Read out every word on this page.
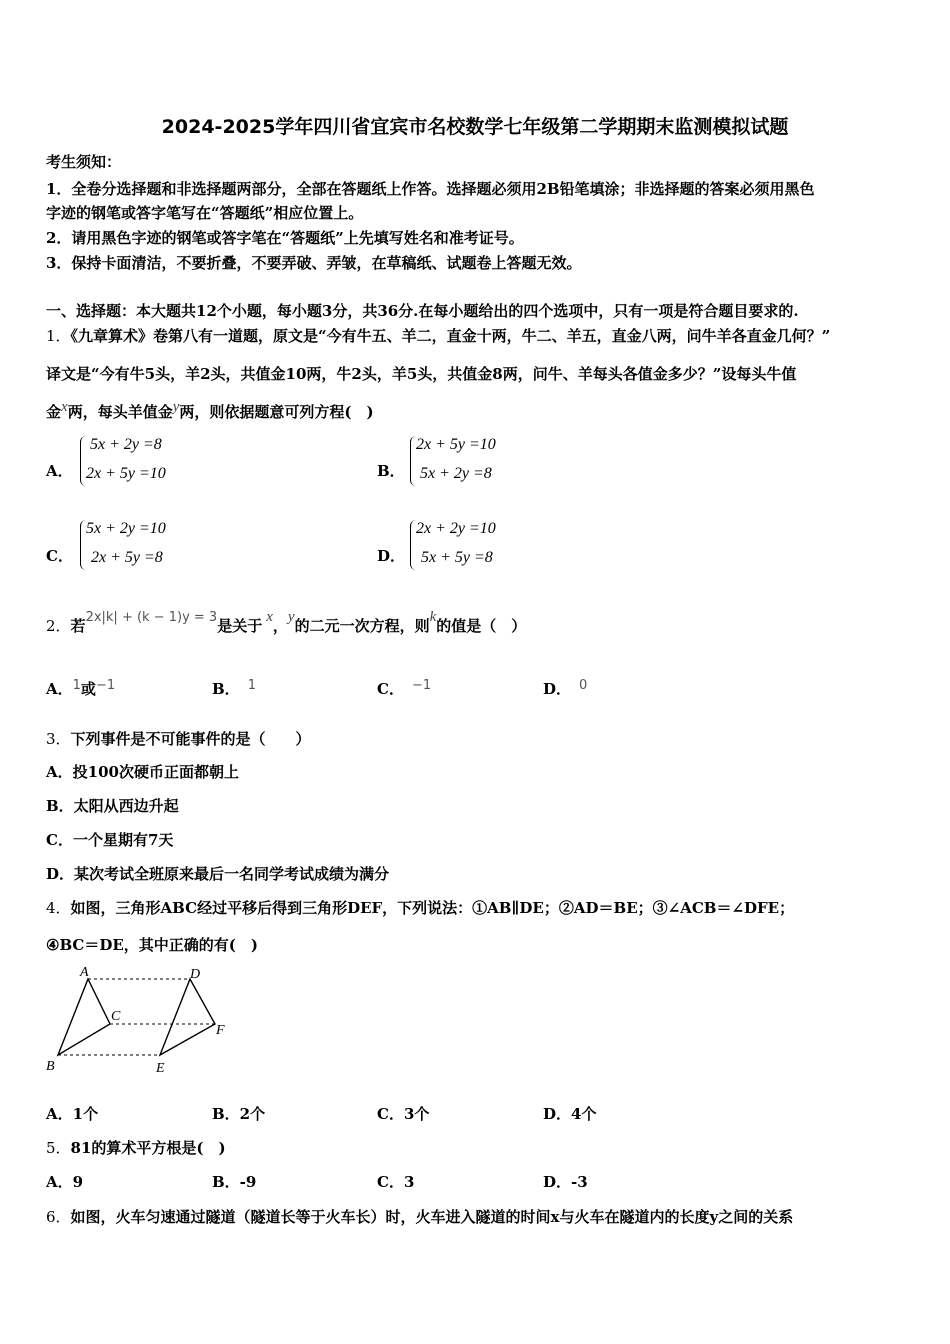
2024-2025学年四川省宜宾市名校数学七年级第二学期期末监测模拟试题
考生须知：
1．全卷分选择题和非选择题两部分，全部在答题纸上作答。选择题必须用2B铅笔填涂；非选择题的答案必须用黑色
字迹的钢笔或答字笔写在“答题纸”相应位置上。
2．请用黑色字迹的钢笔或答字笔在“答题纸”上先填写姓名和准考证号。
3．保持卡面清洁，不要折叠，不要弄破、弄皱，在草稿纸、试题卷上答题无效。
一、选择题：本大题共12个小题，每小题3分，共36分.在每小题给出的四个选项中，只有一项是符合题目要求的.
1．《九章算术》卷第八有一道题，原文是“今有牛五、羊二，直金十两，牛二、羊五，直金八两，问牛羊各直金几何？”
译文是“今有牛5头，羊2头，共值金10两，牛2头，羊5头，共值金8两，问牛、羊每头各值金多少？”设每头牛值
金x两，每头羊值金y两，则依据题意可列方程(　)
A．
5x + 2y =8
2x + 5y =10	B．
2x + 5y =10
5x + 2y =8
C．
5x + 2y =10
2x + 5y =8	D．
2x + 2y =10
5x + 5y =8
2．若2x|k| + (k − 1)y = 3是关于 x，y的二元一次方程，则k的值是（　）
A．1或−1	B． 1	C． −1	D． 0
3．下列事件是不可能事件的是（　　）
A．投100次硬币正面都朝上
B．太阳从西边升起
C．一个星期有7天
D．某次考试全班原来最后一名同学考试成绩为满分
4．如图，三角形ABC经过平移后得到三角形DEF，下列说法：①AB∥DE；②AD＝BE；③∠ACB＝∠DFE；
④BC＝DE，其中正确的有(　)
A	D
C
F
B	E
A．1个	B．2个	C．3个	D．4个
5．81的算术平方根是(　)
A．9	B．-9	C．3	D．-3
6．如图，火车匀速通过隧道（隧道长等于火车长）时，火车进入隧道的时间x与火车在隧道内的长度y之间的关系
